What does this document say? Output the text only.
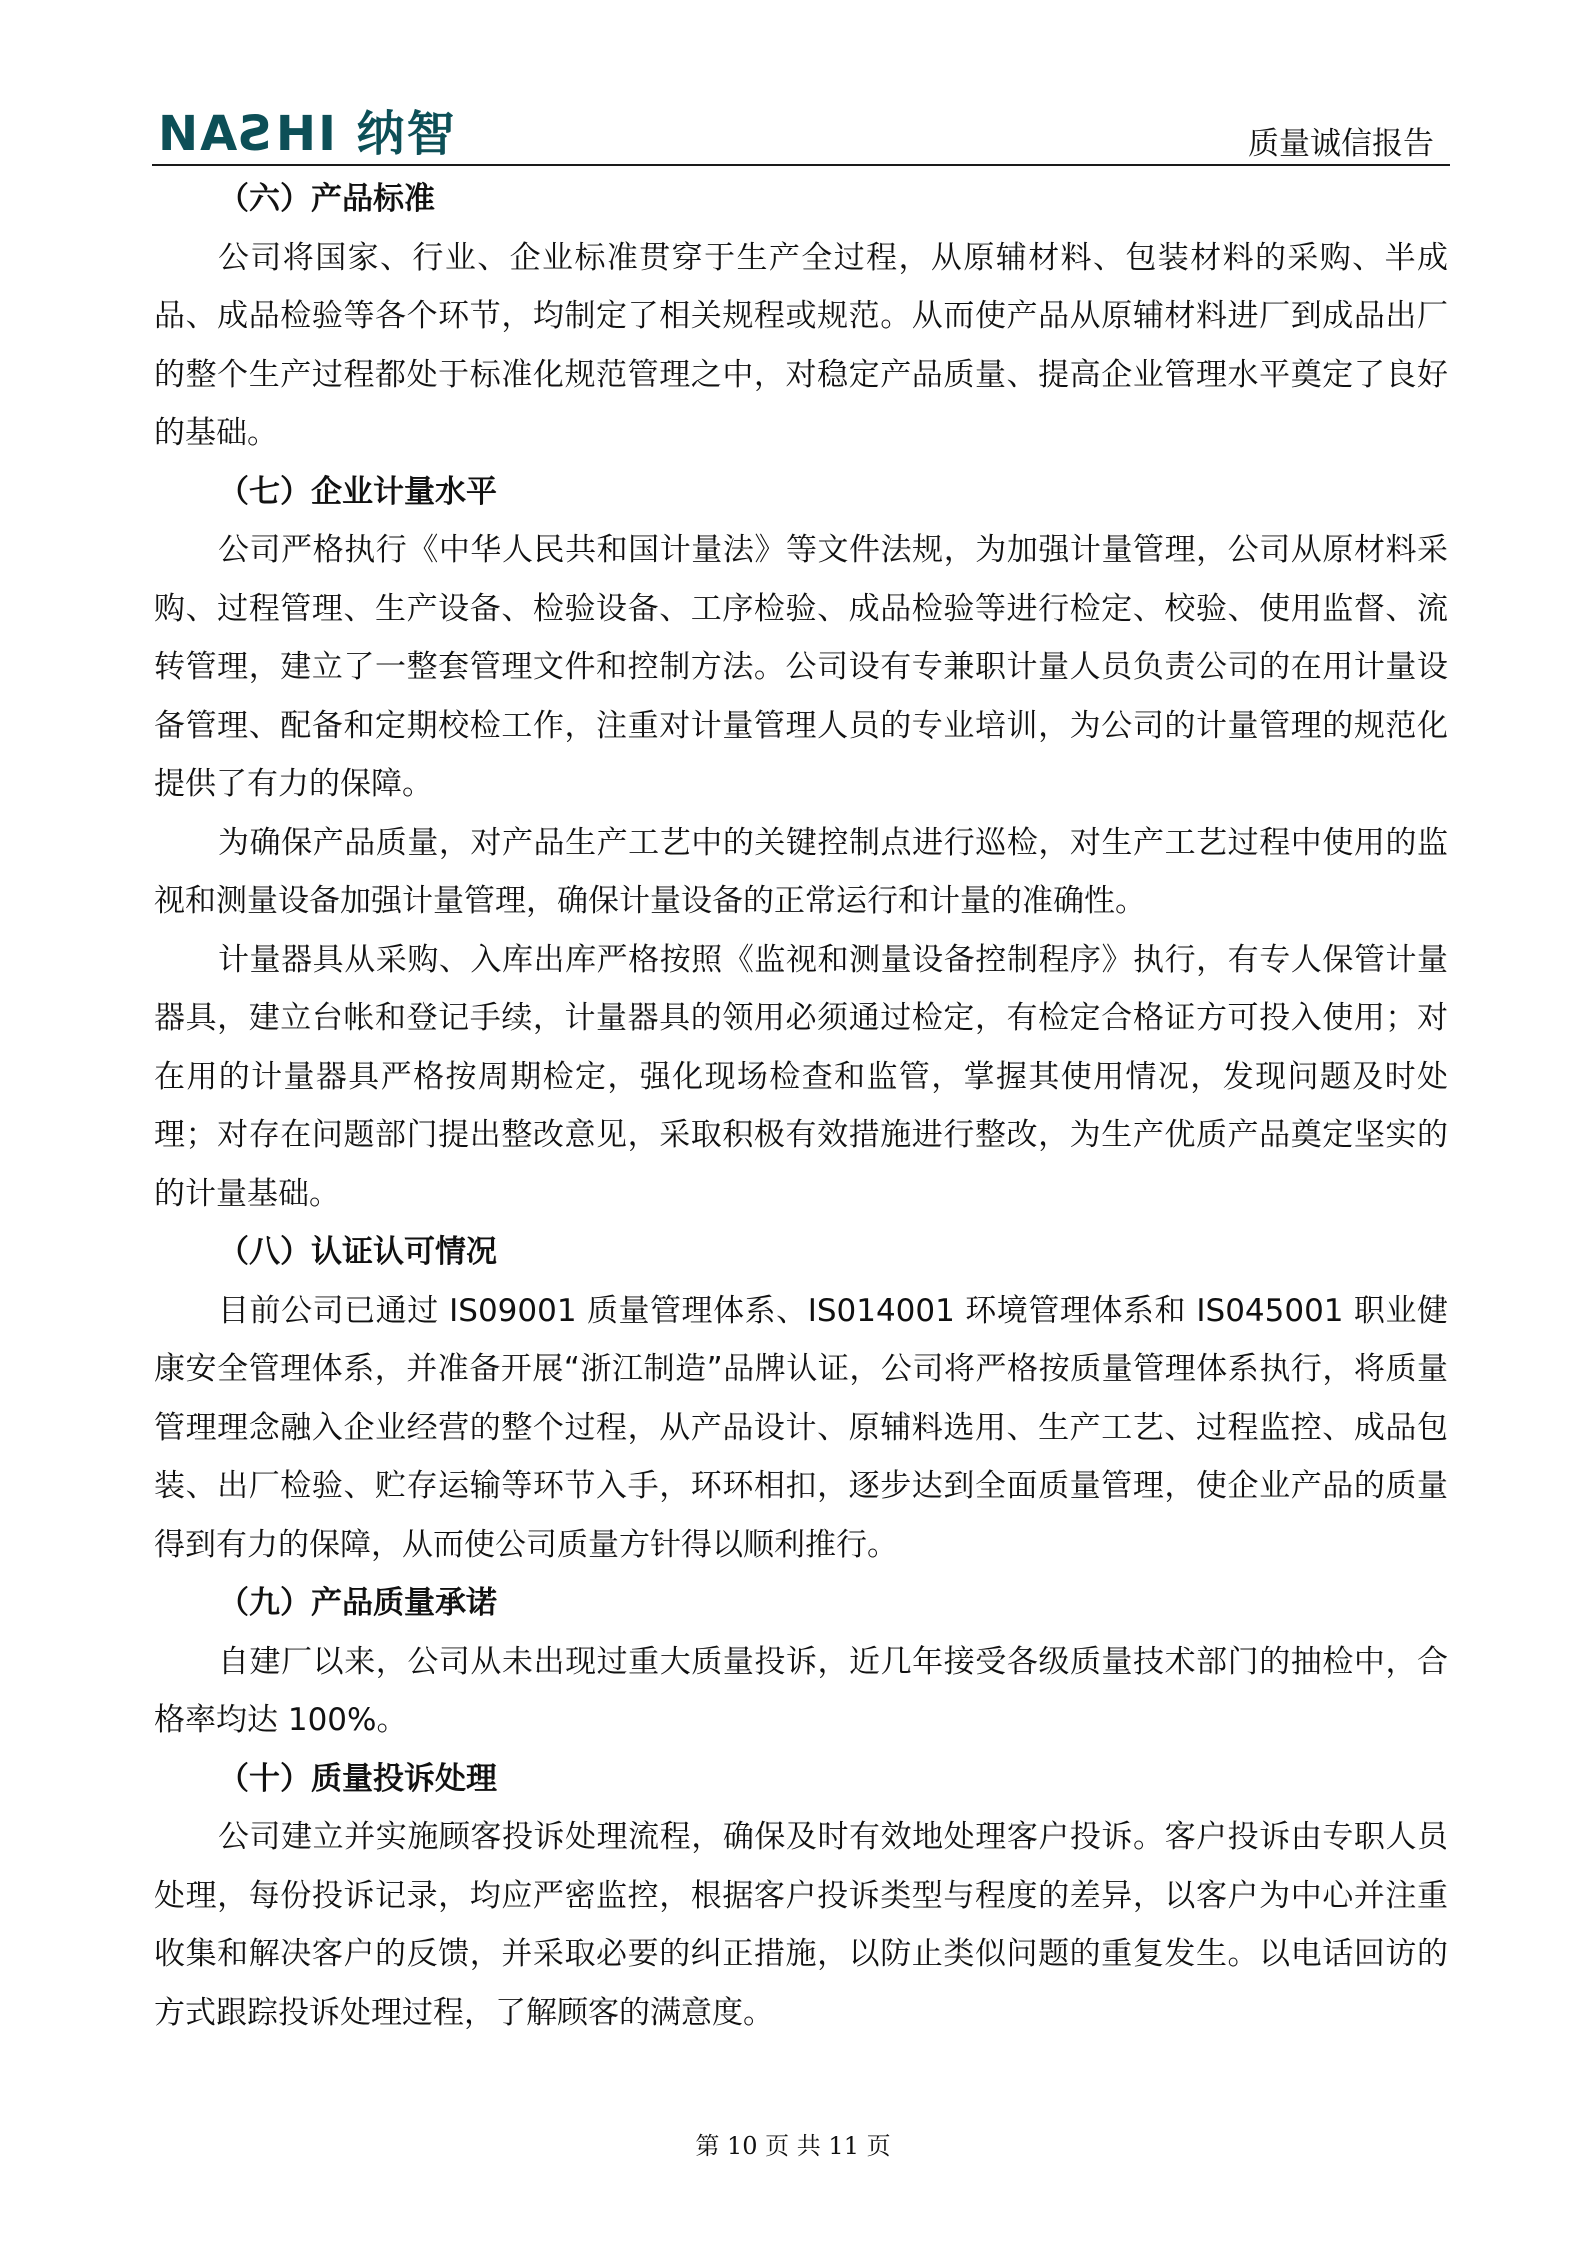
NAƧHI 纳智	质量诚信报告
（六）产品标准
公司将国家、行业、企业标准贯穿于生产全过程，从原辅材料、包装材料的采购、半成品、成品检验等各个环节，均制定了相关规程或规范。从而使产品从原辅材料进厂到成品出厂的整个生产过程都处于标准化规范管理之中，对稳定产品质量、提高企业管理水平奠定了良好的基础。
（七）企业计量水平
公司严格执行《中华人民共和国计量法》等文件法规，为加强计量管理，公司从原材料采购、过程管理、生产设备、检验设备、工序检验、成品检验等进行检定、校验、使用监督、流转管理，建立了一整套管理文件和控制方法。公司设有专兼职计量人员负责公司的在用计量设备管理、配备和定期校检工作，注重对计量管理人员的专业培训，为公司的计量管理的规范化提供了有力的保障。
为确保产品质量，对产品生产工艺中的关键控制点进行巡检，对生产工艺过程中使用的监视和测量设备加强计量管理，确保计量设备的正常运行和计量的准确性。
计量器具从采购、入库出库严格按照《监视和测量设备控制程序》执行，有专人保管计量器具，建立台帐和登记手续，计量器具的领用必须通过检定，有检定合格证方可投入使用；对在用的计量器具严格按周期检定，强化现场检查和监管，掌握其使用情况，发现问题及时处理；对存在问题部门提出整改意见，采取积极有效措施进行整改，为生产优质产品奠定坚实的的计量基础。
（八）认证认可情况
目前公司已通过 IS09001 质量管理体系、IS014001 环境管理体系和 IS045001 职业健康安全管理体系，并准备开展“浙江制造”品牌认证，公司将严格按质量管理体系执行，将质量管理理念融入企业经营的整个过程，从产品设计、原辅料选用、生产工艺、过程监控、成品包装、出厂检验、贮存运输等环节入手，环环相扣，逐步达到全面质量管理，使企业产品的质量得到有力的保障，从而使公司质量方针得以顺利推行。
（九）产品质量承诺
自建厂以来，公司从未出现过重大质量投诉，近几年接受各级质量技术部门的抽检中，合格率均达 100%。
（十）质量投诉处理
公司建立并实施顾客投诉处理流程，确保及时有效地处理客户投诉。客户投诉由专职人员处理，每份投诉记录，均应严密监控，根据客户投诉类型与程度的差异，以客户为中心并注重收集和解决客户的反馈，并采取必要的纠正措施，以防止类似问题的重复发生。以电话回访的方式跟踪投诉处理过程，了解顾客的满意度。
第 10 页 共 11 页
